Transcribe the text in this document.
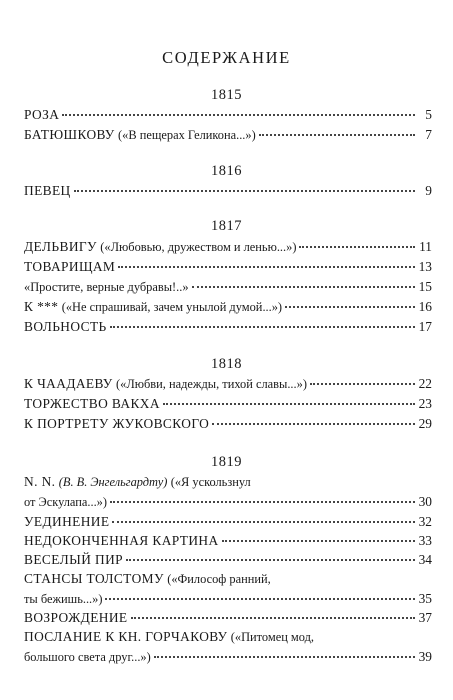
СОДЕРЖАНИЕ
1815
РОЗА	5
БАТЮШКОВУ («В пещерах Геликона...»)	7
1816
ПЕВЕЦ	9
1817
ДЕЛЬВИГУ («Любовью, дружеством и ленью...»)	11
ТОВАРИЩАМ	13
«Простите, верные дубравы!..»	15
К *** («Не спрашивай, зачем унылой думой...»)	16
ВОЛЬНОСТЬ	17
1818
К ЧААДАЕВУ («Любви, надежды, тихой славы...»)	22
ТОРЖЕСТВО ВАКХА	23
К ПОРТРЕТУ ЖУКОВСКОГО	29
1819
N. N. (В. В. Энгельгардту) («Я ускользнул
от Эскулапа...»)	30
УЕДИНЕНИЕ	32
НЕДОКОНЧЕННАЯ КАРТИНА	33
ВЕСЕЛЫЙ ПИР	34
СТАНСЫ ТОЛСТОМУ («Философ ранний,
ты бежишь...»)	35
ВОЗРОЖДЕНИЕ	37
ПОСЛАНИЕ К КН. ГОРЧАКОВУ («Питомец мод,
большого света друг...»)	39
